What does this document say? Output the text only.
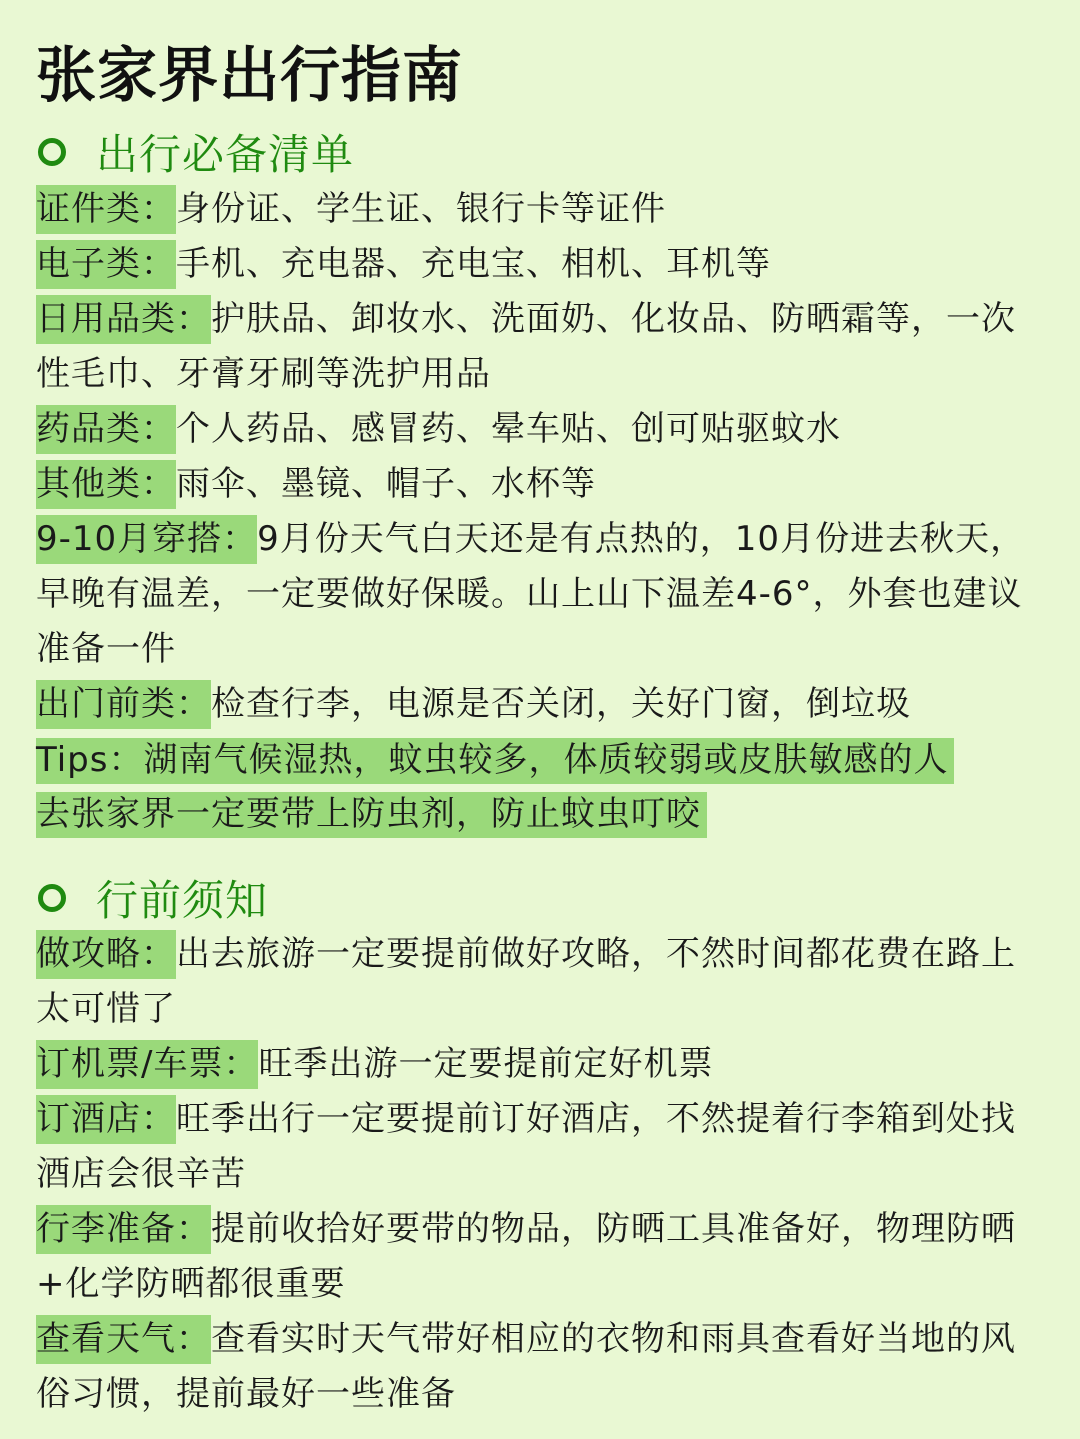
张家界出行指南
出行必备清单

证件类：身份证、学生证、银行卡等证件

电子类：手机、充电器、充电宝、相机、耳机等

日用品类：护肤品、卸妆水、洗面奶、化妆品、防晒霜等，一次性毛巾、牙膏牙刷等洗护用品

药品类：个人药品、感冒药、晕车贴、创可贴驱蚊水

其他类：雨伞、墨镜、帽子、水杯等

9-10月穿搭：9月份天气白天还是有点热的，10月份进去秋天，早晚有温差，一定要做好保暖。山上山下温差4-6°，外套也建议准备一件

出门前类：检查行李，电源是否关闭，关好门窗，倒垃圾

Tips：湖南气候湿热，蚊虫较多，体质较弱或皮肤敏感的人
去张家界一定要带上防虫剂，防止蚊虫叮咬
行前须知

做攻略：出去旅游一定要提前做好攻略，不然时间都花费在路上太可惜了

订机票/车票：旺季出游一定要提前定好机票

订酒店：旺季出行一定要提前订好酒店，不然提着行李箱到处找酒店会很辛苦

行李准备：提前收拾好要带的物品，防晒工具准备好，物理防晒+化学防晒都很重要

查看天气：查看实时天气带好相应的衣物和雨具查看好当地的风俗习惯，提前最好一些准备
